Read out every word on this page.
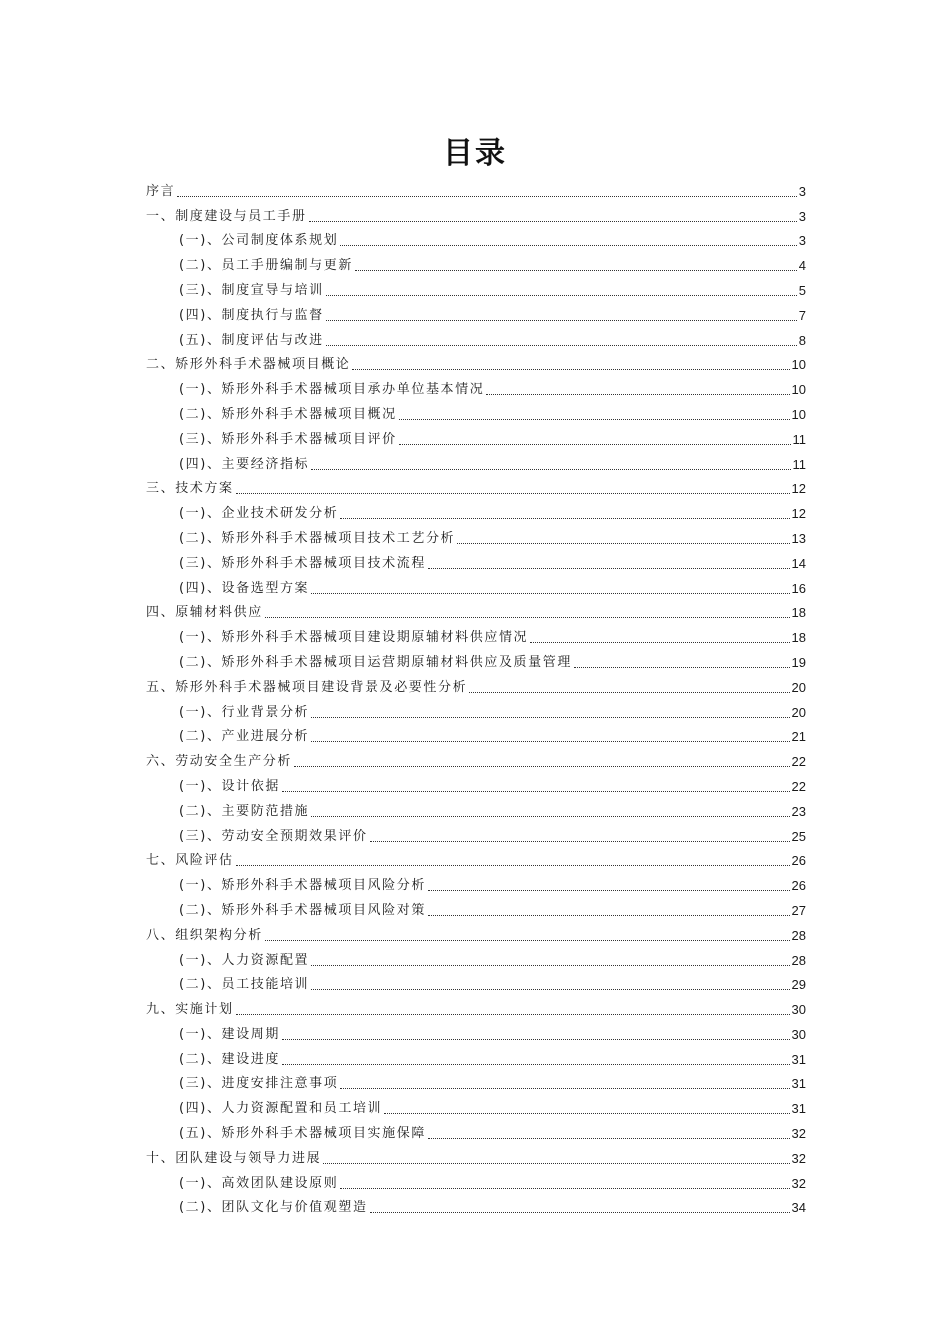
目录
序言	3
一、制度建设与员工手册	3
(一)、公司制度体系规划	3
(二)、员工手册编制与更新	4
(三)、制度宣导与培训	5
(四)、制度执行与监督	7
(五)、制度评估与改进	8
二、矫形外科手术器械项目概论	10
(一)、矫形外科手术器械项目承办单位基本情况	10
(二)、矫形外科手术器械项目概况	10
(三)、矫形外科手术器械项目评价	11
(四)、主要经济指标	11
三、技术方案	12
(一)、企业技术研发分析	12
(二)、矫形外科手术器械项目技术工艺分析	13
(三)、矫形外科手术器械项目技术流程	14
(四)、设备选型方案	16
四、原辅材料供应	18
(一)、矫形外科手术器械项目建设期原辅材料供应情况	18
(二)、矫形外科手术器械项目运营期原辅材料供应及质量管理	19
五、矫形外科手术器械项目建设背景及必要性分析	20
(一)、行业背景分析	20
(二)、产业进展分析	21
六、劳动安全生产分析	22
(一)、设计依据	22
(二)、主要防范措施	23
(三)、劳动安全预期效果评价	25
七、风险评估	26
(一)、矫形外科手术器械项目风险分析	26
(二)、矫形外科手术器械项目风险对策	27
八、组织架构分析	28
(一)、人力资源配置	28
(二)、员工技能培训	29
九、实施计划	30
(一)、建设周期	30
(二)、建设进度	31
(三)、进度安排注意事项	31
(四)、人力资源配置和员工培训	31
(五)、矫形外科手术器械项目实施保障	32
十、团队建设与领导力进展	32
(一)、高效团队建设原则	32
(二)、团队文化与价值观塑造	34
